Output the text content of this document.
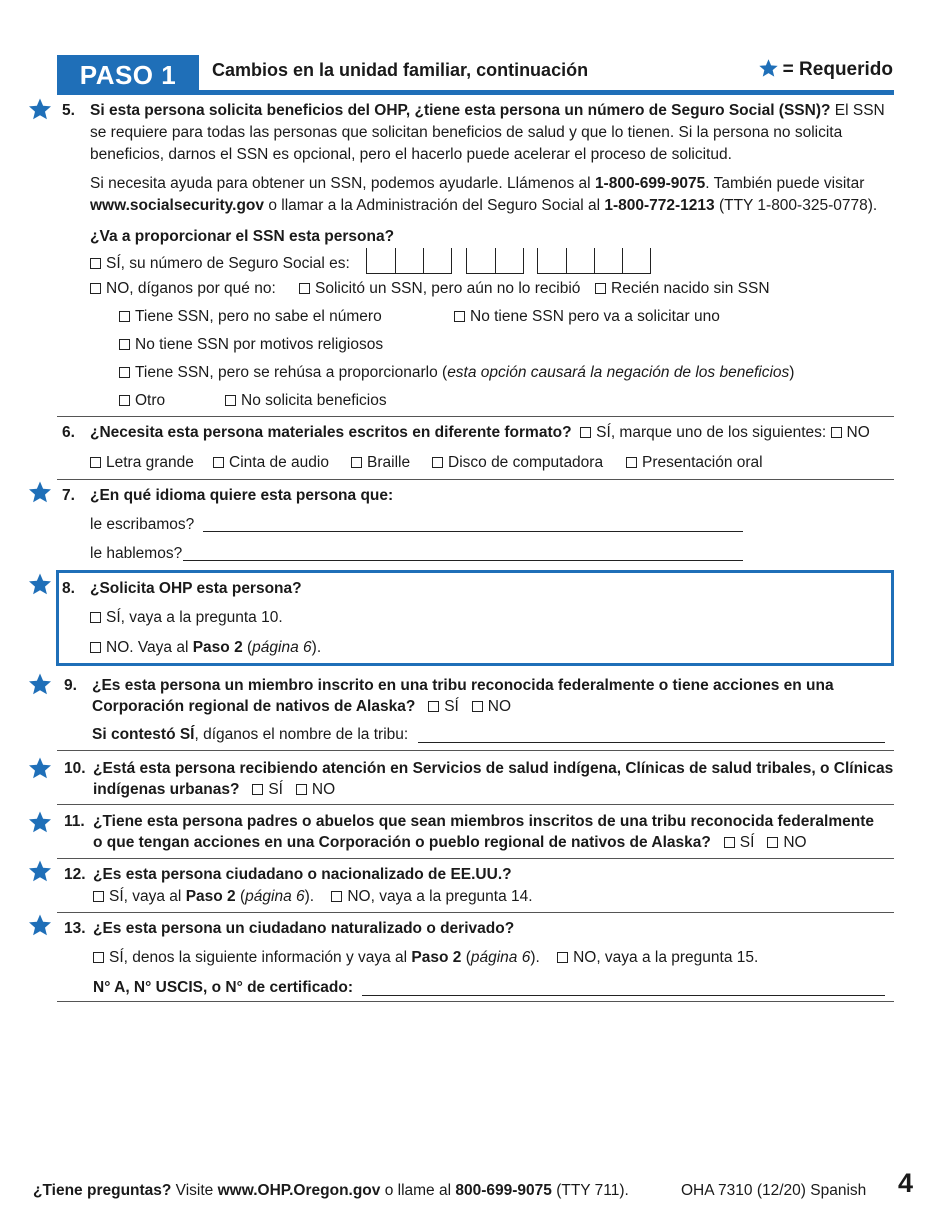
PASO 1	Cambios en la unidad familiar, continuación	= Requerido
5. Si esta persona solicita beneficios del OHP, ¿tiene esta persona un número de Seguro Social (SSN)? El SSN se requiere para todas las personas que solicitan beneficios de salud y que lo tienen. Si la persona no solicita beneficios, darnos el SSN es opcional, pero el hacerlo puede acelerar el proceso de solicitud.
Si necesita ayuda para obtener un SSN, podemos ayudarle. Llámenos al 1-800-699-9075. También puede visitar www.socialsecurity.gov o llamar a la Administración del Seguro Social al 1-800-772-1213 (TTY 1-800-325-0778).
¿Va a proporcionar el SSN esta persona?
SÍ, su número de Seguro Social es:
NO, díganos por qué no:	Solicitó un SSN, pero aún no lo recibió	Recién nacido sin SSN
Tiene SSN, pero no sabe el número	No tiene SSN pero va a solicitar uno
No tiene SSN por motivos religiosos
Tiene SSN, pero se rehúsa a proporcionarlo (esta opción causará la negación de los beneficios)
Otro	No solicita beneficios
6. ¿Necesita esta persona materiales escritos en diferente formato? SÍ, marque uno de los siguientes: NO
Letra grande	Cinta de audio	Braille	Disco de computadora	Presentación oral
7. ¿En qué idioma quiere esta persona que:
le escribamos?
le hablemos?
8. ¿Solicita OHP esta persona?
SÍ, vaya a la pregunta 10.
NO. Vaya al Paso 2 (página 6).
9. ¿Es esta persona un miembro inscrito en una tribu reconocida federalmente o tiene acciones en una
Corporación regional de nativos de Alaska? SÍ NO
Si contestó SÍ, díganos el nombre de la tribu:
10. ¿Está esta persona recibiendo atención en Servicios de salud indígena, Clínicas de salud tribales, o Clínicas
indígenas urbanas? SÍ NO
11. ¿Tiene esta persona padres o abuelos que sean miembros inscritos de una tribu reconocida federalmente
o que tengan acciones en una Corporación o pueblo regional de nativos de Alaska? SÍ NO
12. ¿Es esta persona ciudadano o nacionalizado de EE.UU.?
SÍ, vaya al Paso 2 (página 6). NO, vaya a la pregunta 14.
13. ¿Es esta persona un ciudadano naturalizado o derivado?
SÍ, denos la siguiente información y vaya al Paso 2 (página 6). NO, vaya a la pregunta 15.
N° A, N° USCIS, o N° de certificado:
¿Tiene preguntas? Visite www.OHP.Oregon.gov o llame al 800-699-9075 (TTY 711).	OHA 7310 (12/20) Spanish 4
